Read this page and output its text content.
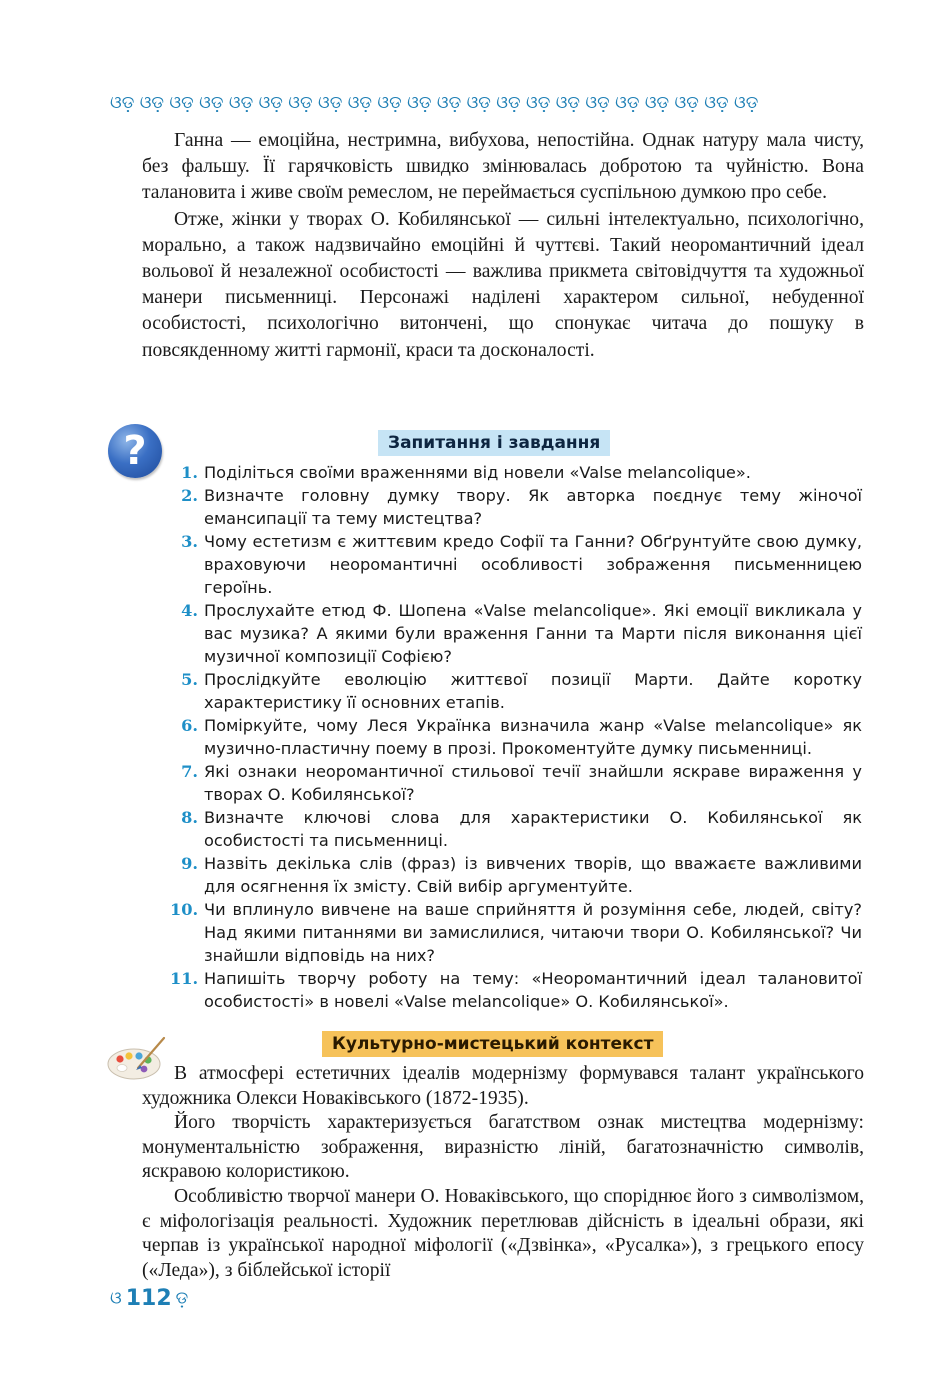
ଓଡ଼ ଓଡ଼ ଓଡ଼ ଓଡ଼ ଓଡ଼ ଓଡ଼ ଓଡ଼ ଓଡ଼ ଓଡ଼ ଓଡ଼ ଓଡ଼ ଓଡ଼ ଓଡ଼ ଓଡ଼ ଓଡ଼ ଓଡ଼ ଓଡ଼ ଓଡ଼ ଓଡ଼ ଓଡ଼ ଓଡ଼ ଓଡ଼

Ганна — емоційна, нестримна, вибухова, непостійна. Однак натуру мала чисту, без фальшу. Її гарячковість швидко змінювалась добротою та чуйністю. Вона талановита і живе своїм ремеслом, не переймається суспільною думкою про себе.

Отже, жінки у творах О. Кобилянської — сильні інтелектуально, психологічно, морально, а також надзвичайно емоційні й чуттєві. Такий неоромантичний ідеал вольової й незалежної особистості — важлива прикмета світовідчуття та художньої манери письменниці. Персонажі наділені характером сильної, небуденної особистості, психологічно витончені, що спонукає читача до пошуку в повсякденному житті гармонії, краси та досконалості.

?	Запитання і завдання
1. Поділіться своїми враженнями від новели «Valse melancolique».
2. Визначте головну думку твору. Як авторка поєднує тему жіночої емансипації та тему мистецтва?
3. Чому естетизм є життєвим кредо Софії та Ганни? Обґрунтуйте свою думку, враховуючи неоромантичні особливості зображення письменницею героїнь.
4. Прослухайте етюд Ф. Шопена «Valse melancolique». Які емоції викликала у вас музика? А якими були враження Ганни та Марти після виконання цієї музичної композиції Софією?
5. Прослідкуйте еволюцію життєвої позиції Марти. Дайте коротку характеристику її основних етапів.
6. Поміркуйте, чому Леся Українка визначила жанр «Valse melancolique» як музично-пластичну поему в прозі. Прокоментуйте думку письменниці.
7. Які ознаки неоромантичної стильової течії знайшли яскраве вираження у творах О. Кобилянської?
8. Визначте ключові слова для характеристики О. Кобилянської як особистості та письменниці.
9. Назвіть декілька слів (фраз) із вивчених творів, що вважаєте важливими для осягнення їх змісту. Свій вибір аргументуйте.
10. Чи вплинуло вивчене на ваше сприйняття й розуміння себе, людей, світу? Над якими питаннями ви замислилися, читаючи твори О. Кобилянської? Чи знайшли відповідь на них?
11. Напишіть творчу роботу на тему: «Неоромантичний ідеал талановитої особистості» в новелі «Valse melancolique» О. Кобилянської».
Культурно-мистецький контекст

В атмосфері естетичних ідеалів модернізму формувався талант українського художника Олекси Новаківського (1872-1935).

Його творчість характеризується багатством ознак мистецтва модернізму: монументальністю зображення, виразністю ліній, багатозначністю символів, яскравою колористикою.

Особливістю творчої манери О. Новаківського, що споріднює його з символізмом, є міфологізація реальності. Художник перетлював дійсність в ідеальні образи, які черпав із української народної міфології («Дзвінка», «Русалка»), з грецького епосу («Леда»), з біблейської історії

ଓ 112 ଡ଼
